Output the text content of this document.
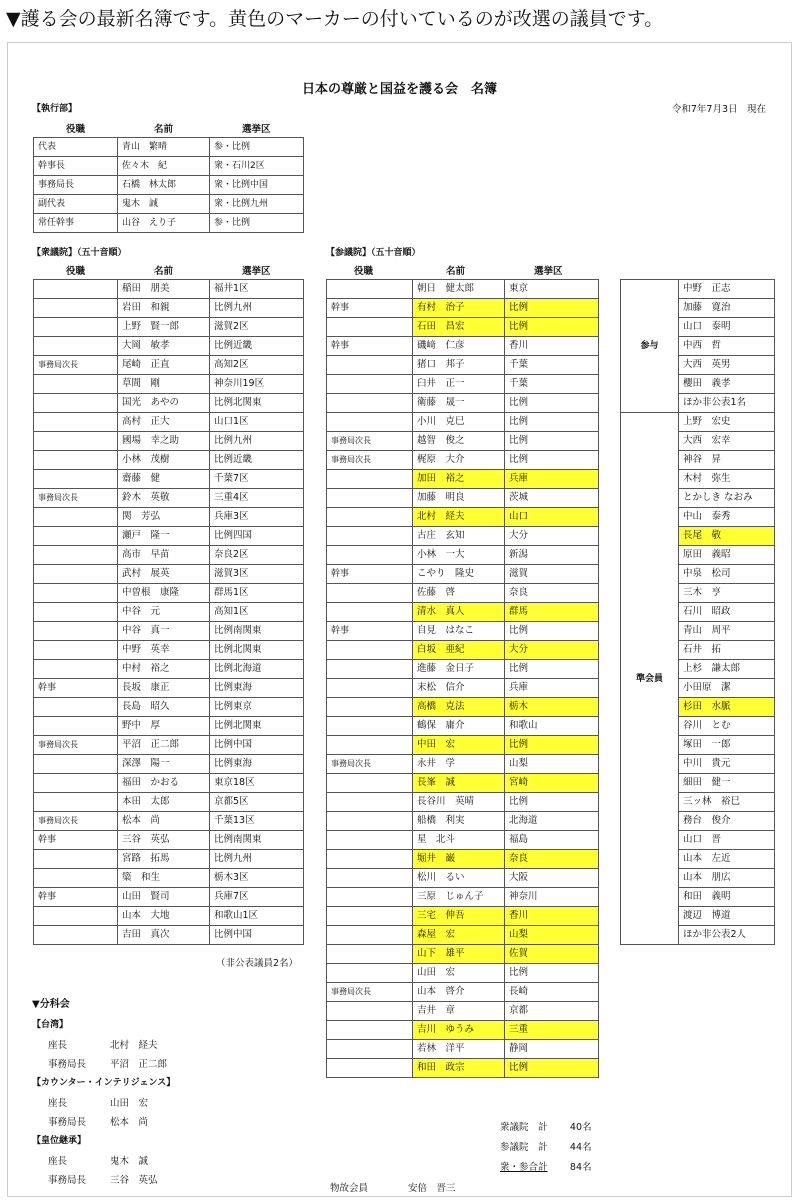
▼護る会の最新名簿です。黄色のマーカーの付いているのが改選の議員です。
日本の尊厳と国益を護る会　名簿
令和7年7月3日　現在
【執行部】
役職	名前	選挙区
代表	青山　繁晴	参・比例
幹事長	佐々木　紀	衆・石川2区
事務局長	石橋　林太郎	衆・比例中国
副代表	鬼木　誠	衆・比例九州
常任幹事	山谷　えり子	参・比例
【衆議院】（五十音順）
役職	名前	選挙区
	稲田　朋美	福井1区
	岩田　和親	比例九州
	上野　賢一郎	滋賀2区
	大岡　敏孝	比例近畿
事務局次長	尾崎　正直	高知2区
	草間　剛	神奈川19区
	国光　あやの	比例北関東
	高村　正大	山口1区
	國場　幸之助	比例九州
	小林　茂樹	比例近畿
	齋藤　健	千葉7区
事務局次長	鈴木　英敬	三重4区
	関　芳弘	兵庫3区
	瀬戸　隆一	比例四国
	高市　早苗	奈良2区
	武村　展英	滋賀3区
	中曽根　康隆	群馬1区
	中谷　元	高知1区
	中谷　真一	比例南関東
	中野　英幸	比例北関東
	中村　裕之	比例北海道
幹事	長坂　康正	比例東海
	長島　昭久	比例東京
	野中　厚	比例北関東
事務局次長	平沼　正二郎	比例中国
	深澤　陽一	比例東海
	福田　かおる	東京18区
	本田　太郎	京都5区
事務局次長	松本　尚	千葉13区
幹事	三谷　英弘	比例南関東
	宮路　拓馬	比例九州
	簗　和生	栃木3区
幹事	山田　賢司	兵庫7区
	山本　大地	和歌山1区
	吉田　真次	比例中国
（非公表議員2名）
【参議院】（五十音順）
役職	名前	選挙区
	朝日　健太郎	東京
幹事	有村　治子	比例
	石田　昌宏	比例
幹事	磯﨑　仁彦	香川
	猪口　邦子	千葉
	臼井　正一	千葉
	衛藤　晟一	比例
	小川　克巳	比例
事務局次長	越智　俊之	比例
事務局次長	梶原　大介	比例
	加田　裕之	兵庫
	加藤　明良	茨城
	北村　経夫	山口
	古庄　玄知	大分
	小林　一大	新潟
幹事	こやり　隆史	滋賀
	佐藤　啓	奈良
	清水　真人	群馬
幹事	自見　はなこ	比例
	白坂　亜紀	大分
	進藤　金日子	比例
	末松　信介	兵庫
	高橋　克法	栃木
	鶴保　庸介	和歌山
	中田　宏	比例
事務局次長	永井　学	山梨
	長峯　誠	宮崎
	長谷川　英晴	比例
	船橋　利実	北海道
	星　北斗	福島
	堀井　巌	奈良
	松川　るい	大阪
	三原　じゅん子	神奈川
	三宅　伸吾	香川
	森屋　宏	山梨
	山下　雄平	佐賀
	山田　宏	比例
事務局次長	山本　啓介	長崎
	吉井　章	京都
	吉川　ゆうみ	三重
	若林　洋平	静岡
	和田　政宗	比例
参与	中野　正志
	加藤　寛治
	山口　泰明
	中西　哲
	大西　英男
	櫻田　義孝
	ほか非公表1名
準会員	上野　宏史
	大西　宏幸
	神谷　昇
	木村　弥生
	とかしき なおみ
	中山　泰秀
	長尾　敬
	原田　義昭
	中泉　松司
	三木　亨
	石川　昭政
	青山　周平
	石井　拓
	上杉　謙太郎
	小田原　潔
	杉田　水脈
	谷川　とむ
	塚田　一郎
	中川　貴元
	細田　健一
	三ッ林　裕巳
	務台　俊介
	山口　晋
	山本　左近
	山本　朋広
	和田　義明
	渡辺　博道
	ほか非公表2人
▼分科会
【台湾】
座長	北村　経夫
事務局長	平沼　正二郎
【カウンター・インテリジェンス】
座長	山田　宏
事務局長	松本　尚
【皇位継承】
座長	鬼木　誠
事務局長	三谷　英弘
物故会員	安倍　晋三
衆議院　計 40名
参議院　計 44名
衆・参合計 84名
